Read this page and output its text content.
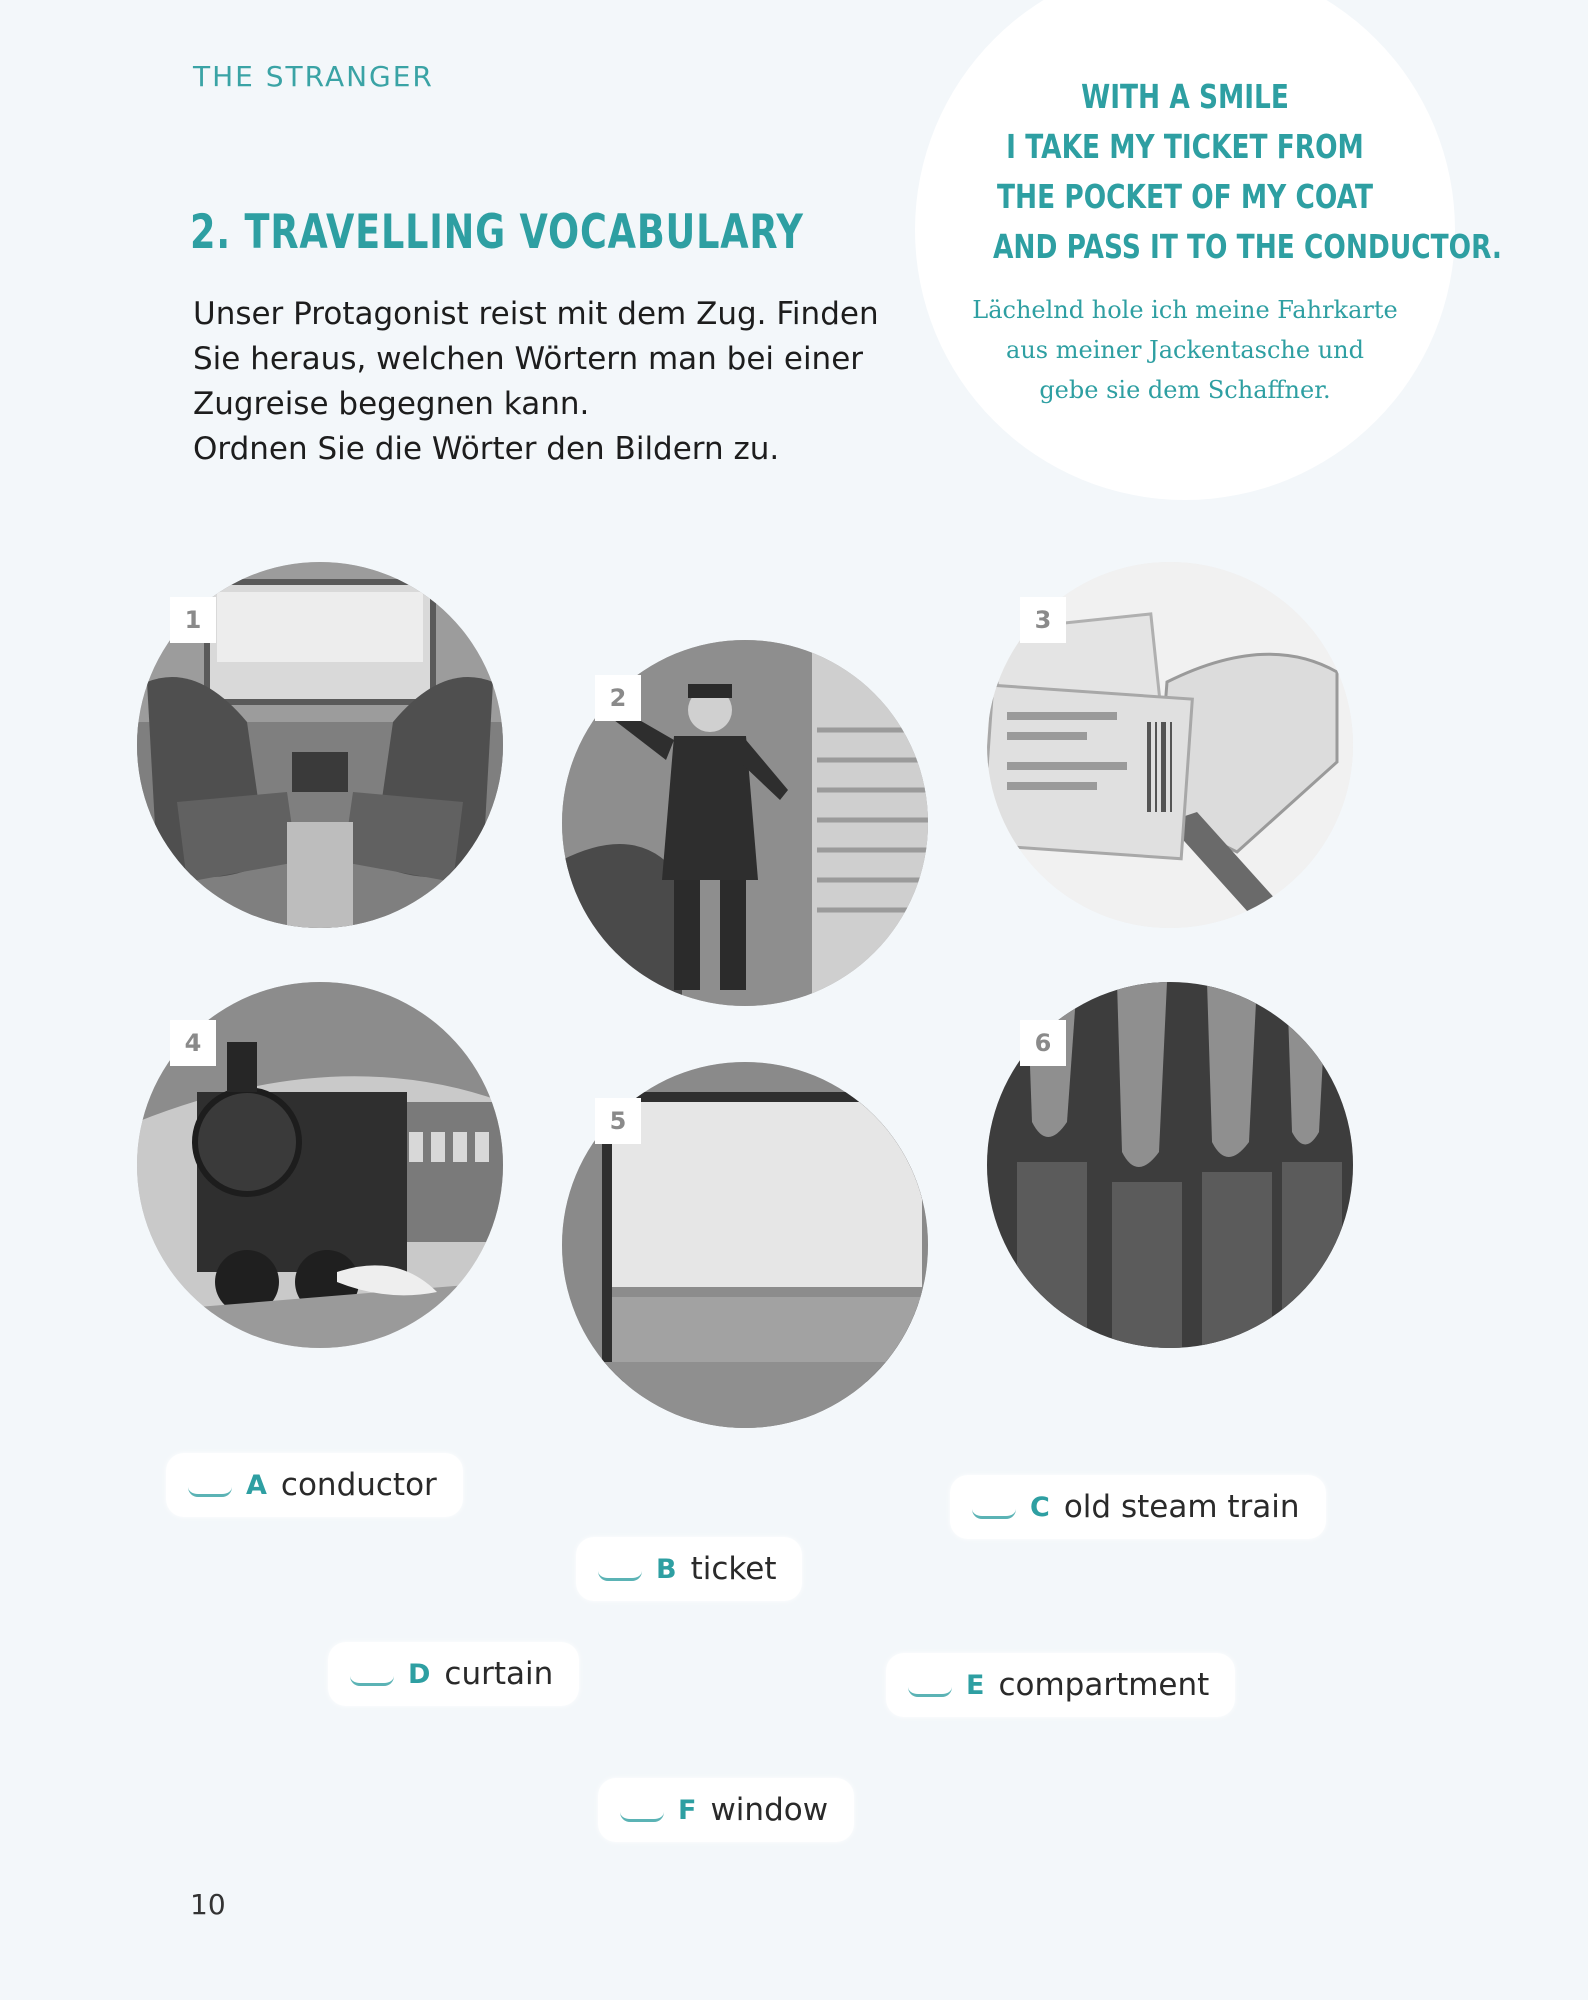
THE STRANGER
2. TRAVELLING VOCABULARY

Unser Protagonist reist mit dem Zug. Finden

Sie heraus, welchen Wörtern man bei einer

Zugreise begegnen kann.

Ordnen Sie die Wörter den Bildern zu.

WITH A SMILE
I TAKE MY TICKET FROM
THE POCKET OF MY COAT
AND PASS IT TO THE CONDUCTOR.
Lächelnd hole ich meine Fahrkarte
aus meiner Jackentasche und
gebe sie dem Schaffner.
1
2
3
4
5
6
A conductor
B ticket
C old steam train
D curtain	E compartment
F window
10
